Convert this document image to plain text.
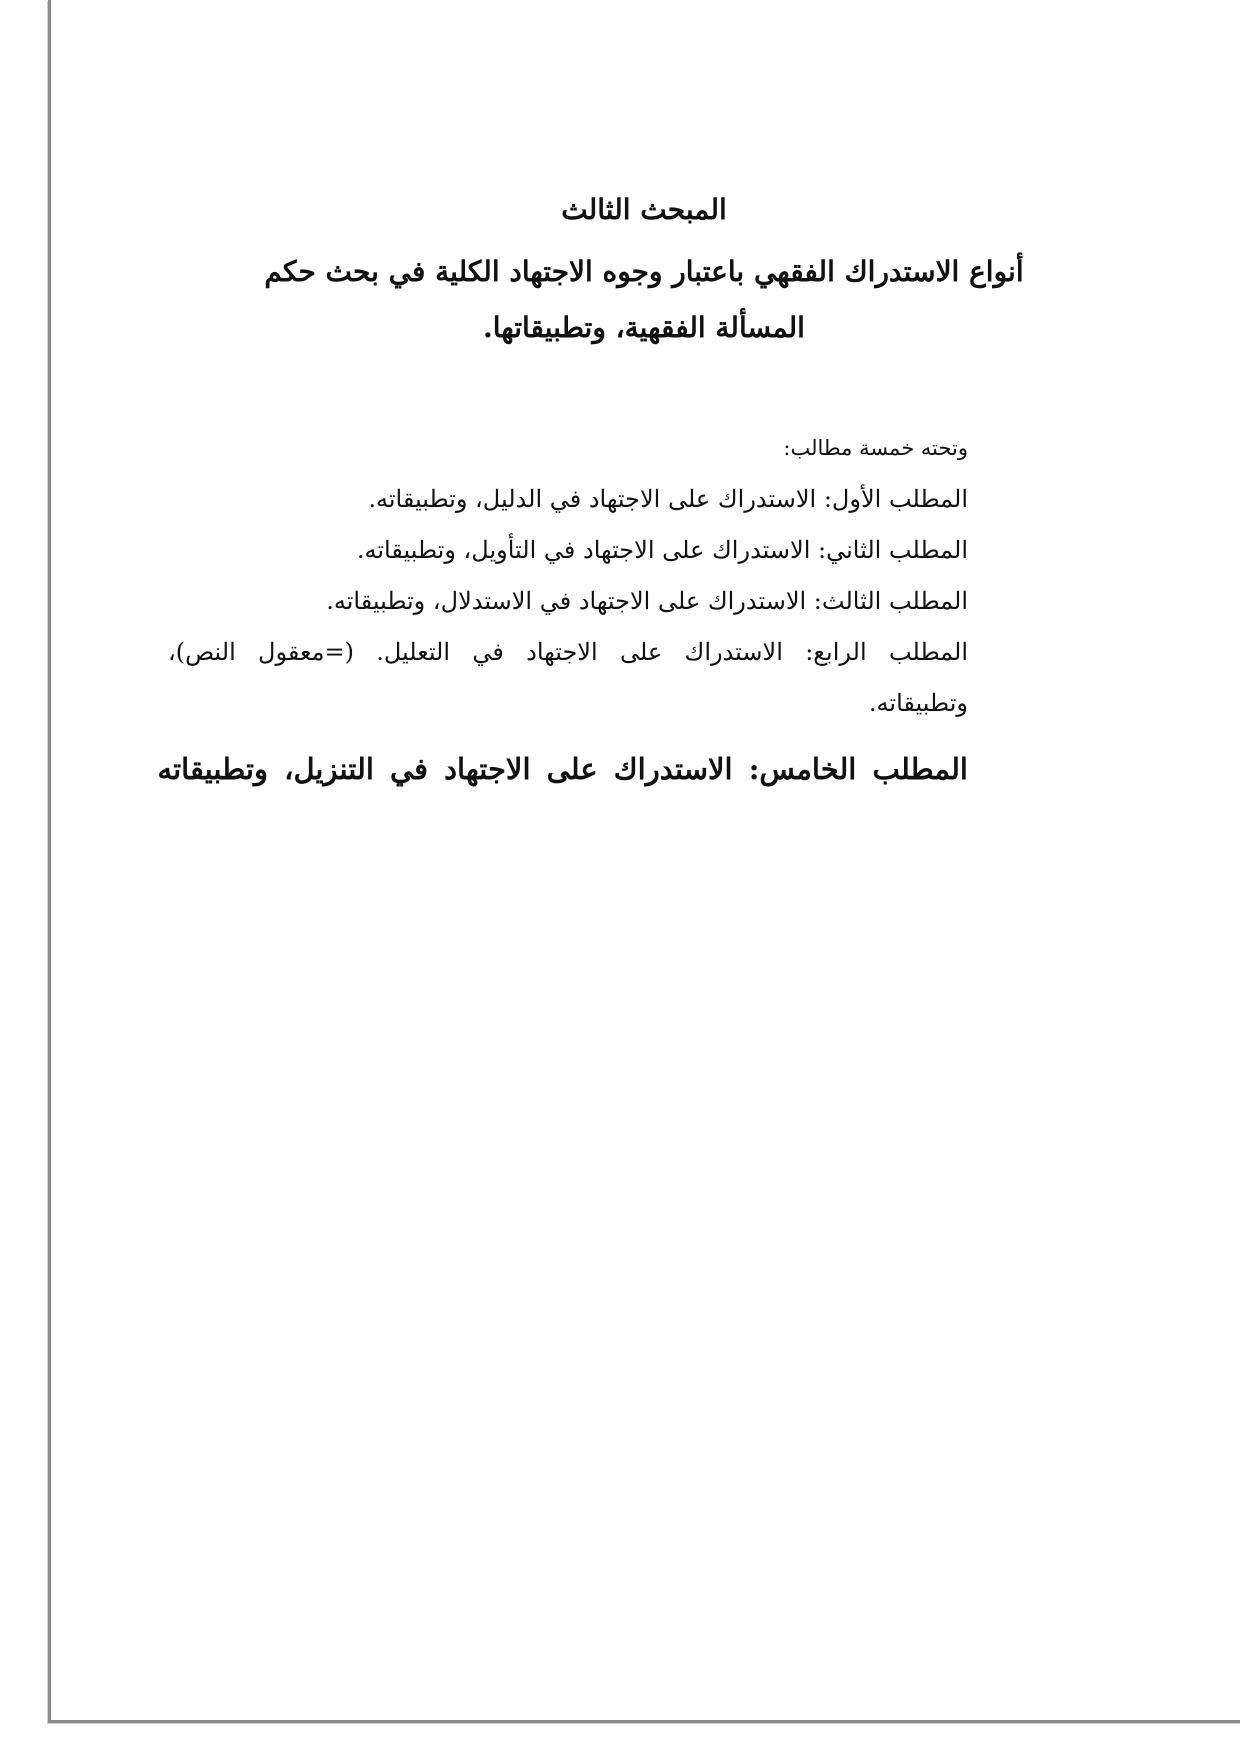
المبحث الثالث
أنواع الاستدراك الفقهي باعتبار وجوه الاجتهاد الكلية في بحث حكم
المسألة الفقهية، وتطبيقاتها.
وتحته خمسة مطالب:
المطلب الأول: الاستدراك على الاجتهاد في الدليل، وتطبيقاته.
المطلب الثاني: الاستدراك على الاجتهاد في التأويل، وتطبيقاته.
المطلب الثالث: الاستدراك على الاجتهاد في الاستدلال، وتطبيقاته.
المطلب الرابع: الاستدراك على الاجتهاد في التعليل. (=معقول النص)،
وتطبيقاته.
المطلب الخامس: الاستدراك على الاجتهاد في التنزيل، وتطبيقاته
